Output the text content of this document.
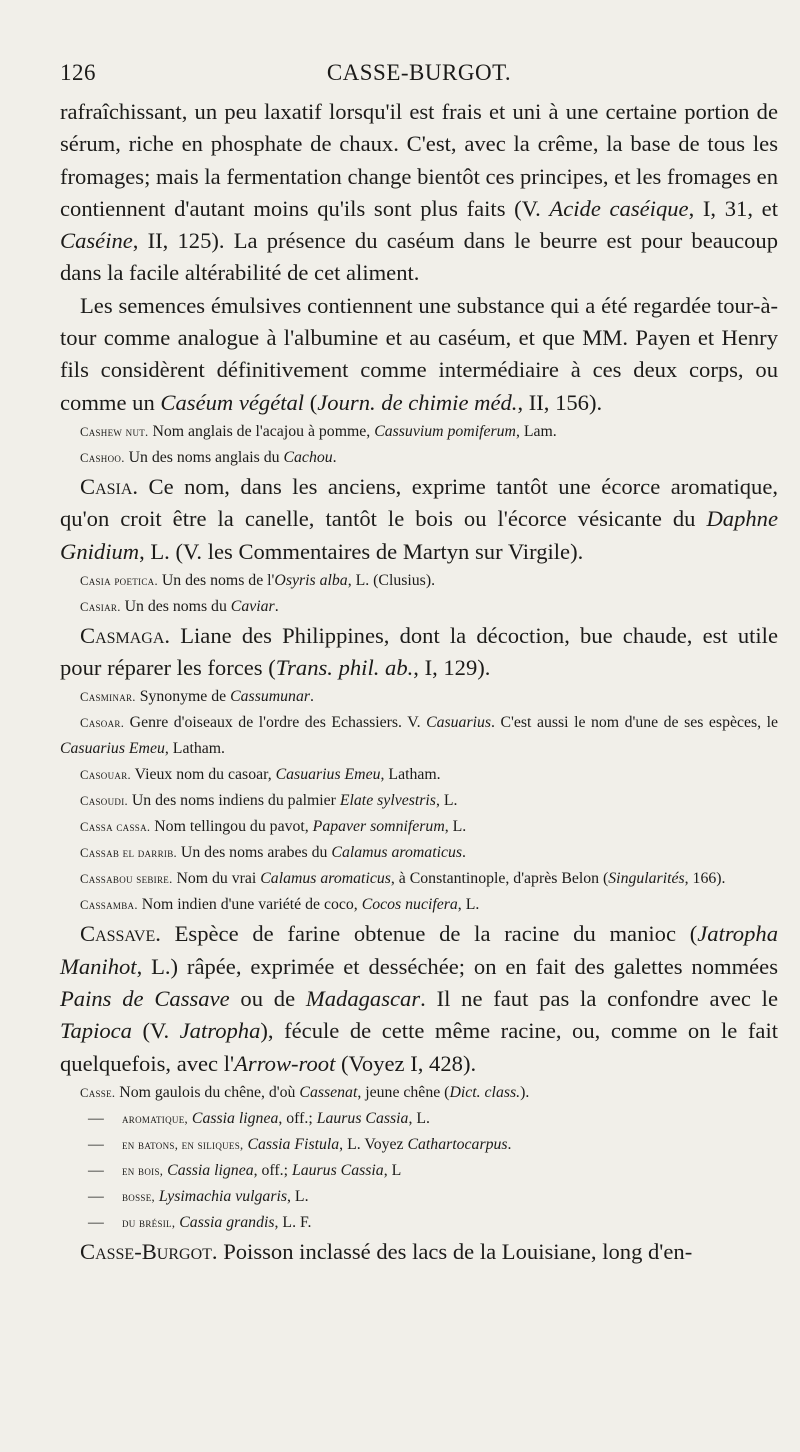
126	CASSE-BURGOT.

rafraîchissant, un peu laxatif lorsqu'il est frais et uni à une certaine portion de sérum, riche en phosphate de chaux. C'est, avec la crême, la base de tous les fromages; mais la fermentation change bientôt ces principes, et les fromages en contiennent d'autant moins qu'ils sont plus faits (V. Acide caséique, I, 31, et Caséine, II, 125). La présence du caséum dans le beurre est pour beaucoup dans la facile altérabilité de cet aliment.

Les semences émulsives contiennent une substance qui a été regardée tour-à-tour comme analogue à l'albumine et au caséum, et que MM. Payen et Henry fils considèrent définitivement comme intermédiaire à ces deux corps, ou comme un Caséum végétal (Journ. de chimie méd., II, 156).

Cashew nut. Nom anglais de l'acajou à pomme, Cassuvium pomiferum, Lam.

Cashoo. Un des noms anglais du Cachou.

Casia. Ce nom, dans les anciens, exprime tantôt une écorce aromatique, qu'on croit être la canelle, tantôt le bois ou l'écorce vésicante du Daphne Gnidium, L. (V. les Commentaires de Martyn sur Virgile).

Casia poetica. Un des noms de l'Osyris alba, L. (Clusius).

Casiar. Un des noms du Caviar.

Casmaga. Liane des Philippines, dont la décoction, bue chaude, est utile pour réparer les forces (Trans. phil. ab., I, 129).

Casminar. Synonyme de Cassumunar.

Casoar. Genre d'oiseaux de l'ordre des Echassiers. V. Casuarius. C'est aussi le nom d'une de ses espèces, le Casuarius Emeu, Latham.

Casouar. Vieux nom du casoar, Casuarius Emeu, Latham.

Casoudi. Un des noms indiens du palmier Elate sylvestris, L.

Cassa cassa. Nom tellingou du pavot, Papaver somniferum, L.

Cassab el darrib. Un des noms arabes du Calamus aromaticus.

Cassabou sebire. Nom du vrai Calamus aromaticus, à Constantinople, d'après Belon (Singularités, 166).

Cassamba. Nom indien d'une variété de coco, Cocos nucifera, L.

Cassave. Espèce de farine obtenue de la racine du manioc (Jatropha Manihot, L.) râpée, exprimée et desséchée; on en fait des galettes nommées Pains de Cassave ou de Madagascar. Il ne faut pas la confondre avec le Tapioca (V. Jatropha), fécule de cette même racine, ou, comme on le fait quelquefois, avec l'Arrow-root (Voyez I, 428).

Casse. Nom gaulois du chêne, d'où Cassenat, jeune chêne (Dict. class.).

— aromatique, Cassia lignea, off.; Laurus Cassia, L.

— en batons, en siliques, Cassia Fistula, L. Voyez Cathartocarpus.

— en bois, Cassia lignea, off.; Laurus Cassia, L

— bosse, Lysimachia vulgaris, L.

— du brésil, Cassia grandis, L. F.

Casse-Burgot. Poisson inclassé des lacs de la Louisiane, long d'en-
